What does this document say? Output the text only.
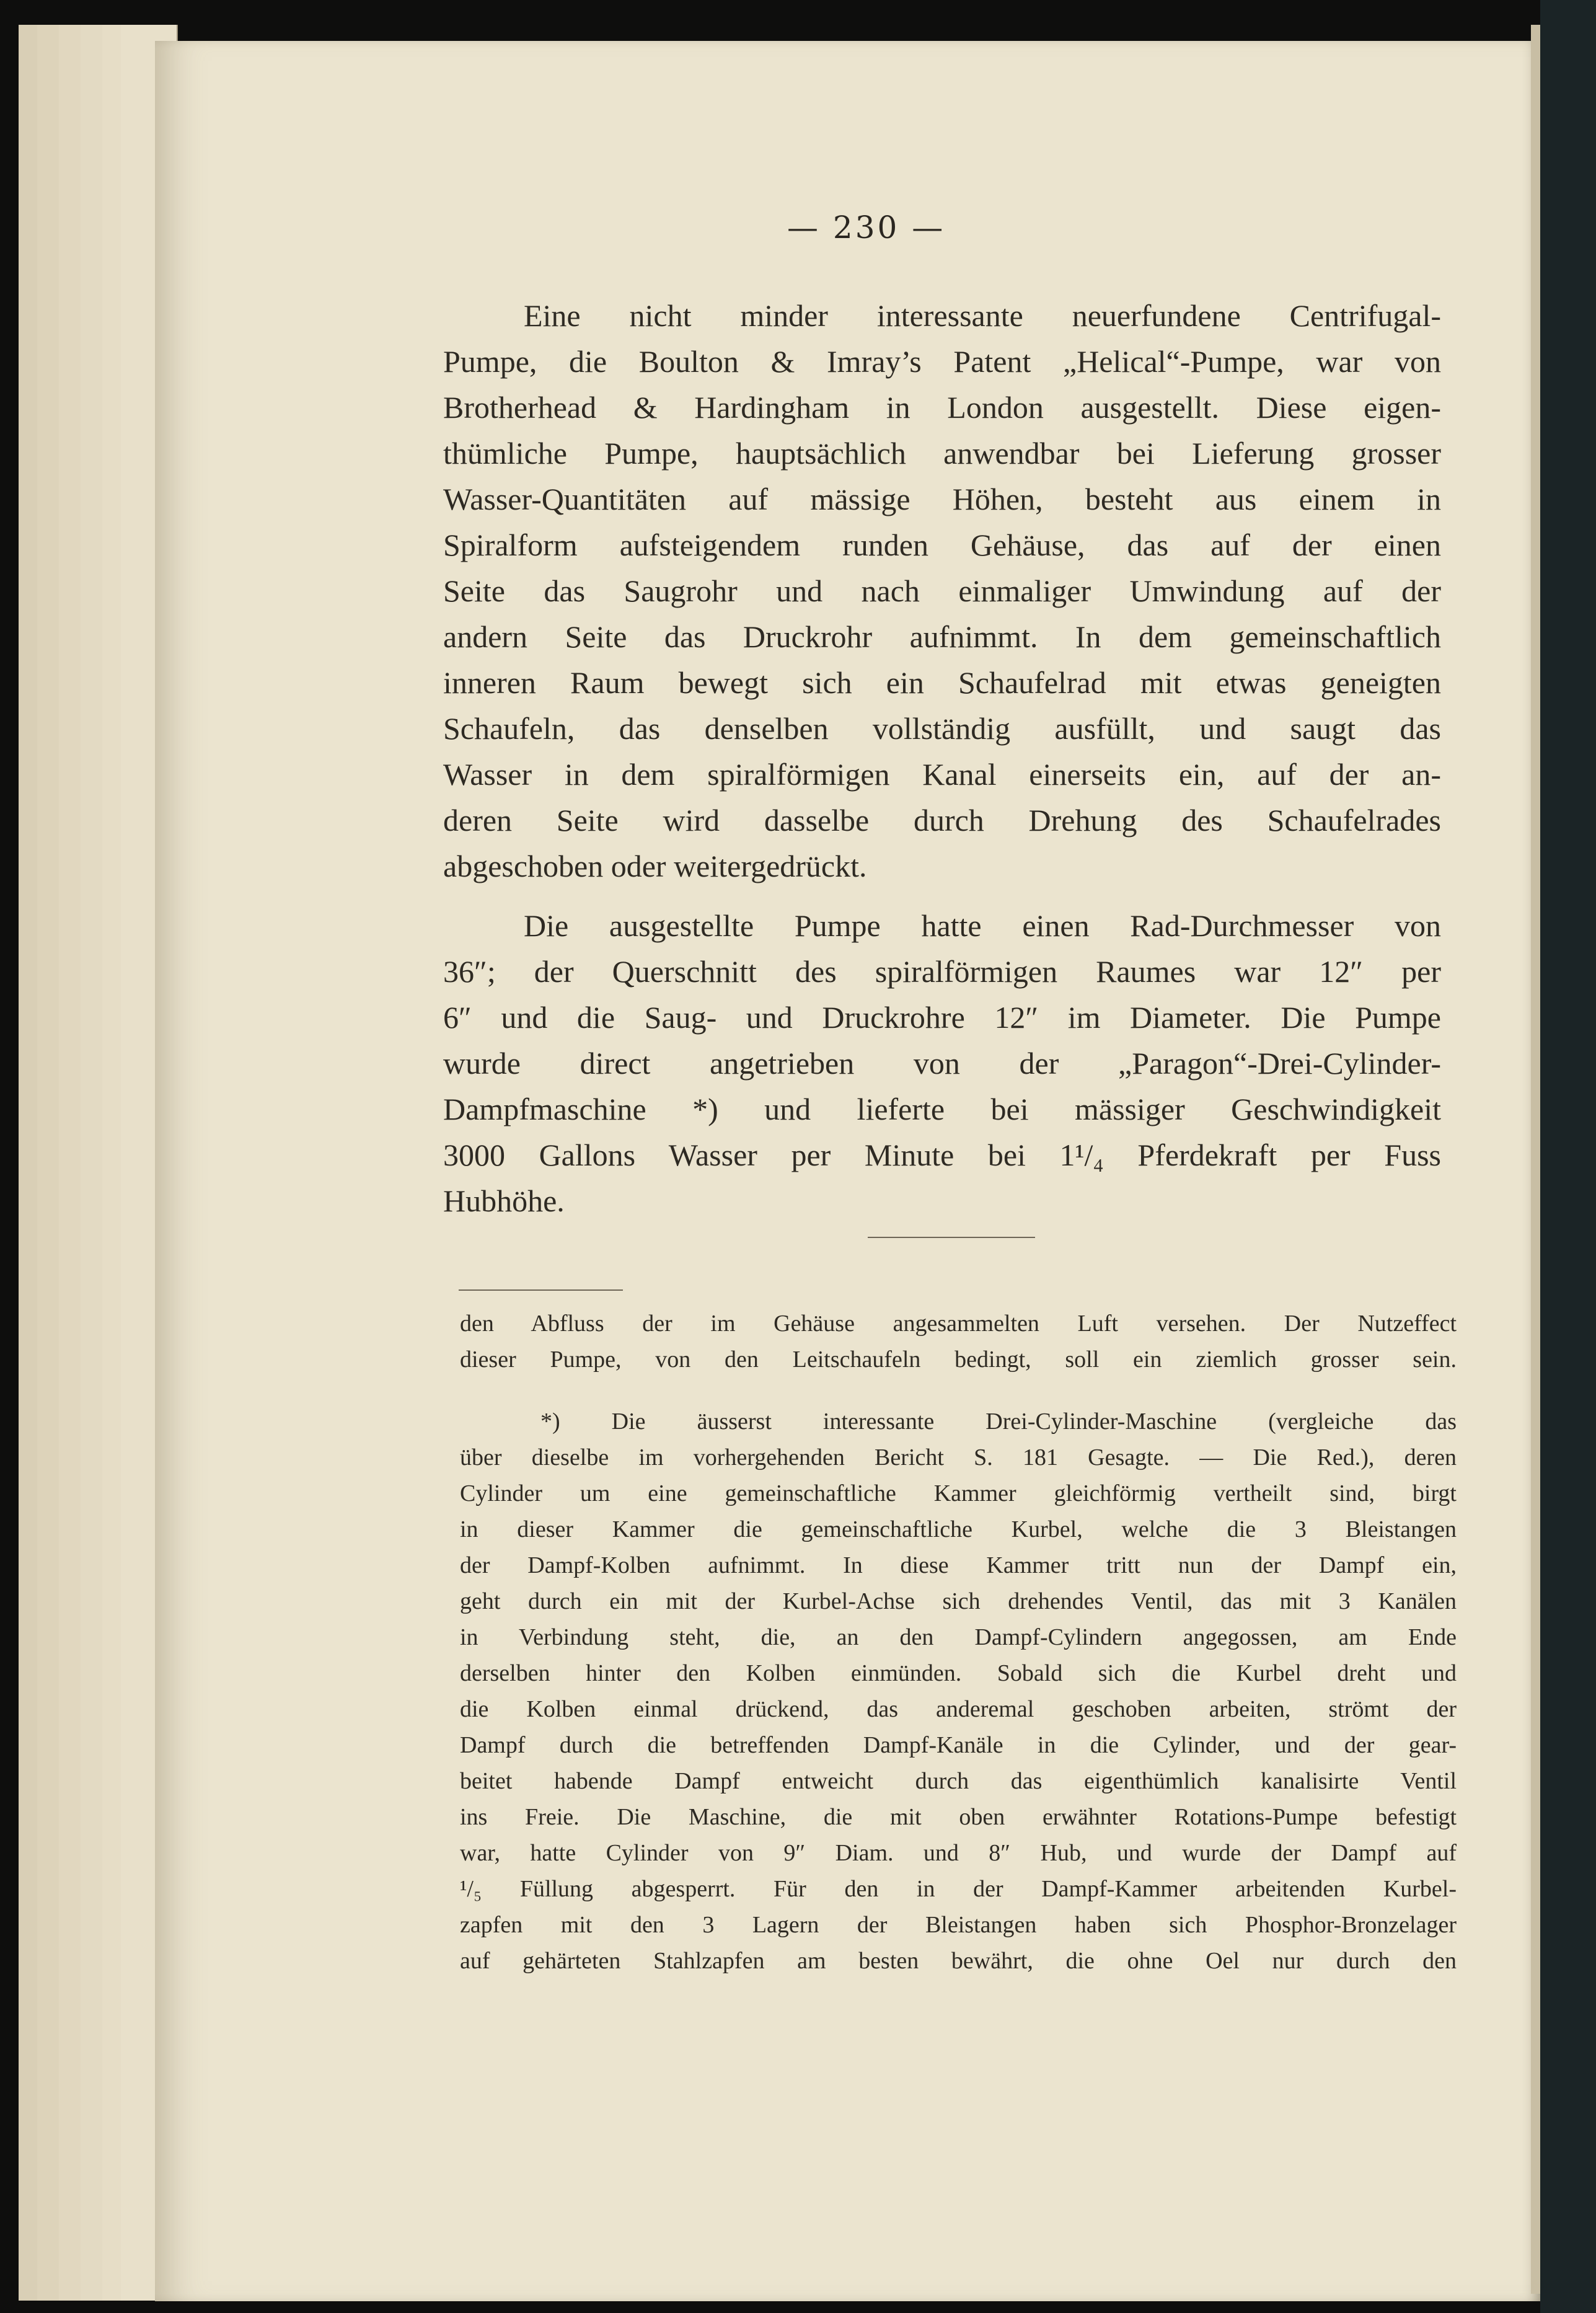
— 230 —
Eine nicht minder interessante neuerfundene Centrifugal-
Pumpe, die Boulton & Imray’s Patent „Helical“-Pumpe, war von
Brotherhead & Hardingham in London ausgestellt. Diese eigen-
thümliche Pumpe, hauptsächlich anwendbar bei Lieferung grosser
Wasser-Quantitäten auf mässige Höhen, besteht aus einem in
Spiralform aufsteigendem runden Gehäuse, das auf der einen
Seite das Saugrohr und nach einmaliger Umwindung auf der
andern Seite das Druckrohr aufnimmt. In dem gemeinschaftlich
inneren Raum bewegt sich ein Schaufelrad mit etwas geneigten
Schaufeln, das denselben vollständig ausfüllt, und saugt das
Wasser in dem spiralförmigen Kanal einerseits ein, auf der an-
deren Seite wird dasselbe durch Drehung des Schaufelrades
abgeschoben oder weitergedrückt.
Die ausgestellte Pumpe hatte einen Rad-Durchmesser von
36″; der Querschnitt des spiralförmigen Raumes war 12″ per
6″ und die Saug- und Druckrohre 12″ im Diameter. Die Pumpe
wurde direct angetrieben von der „Paragon“-Drei-Cylinder-
Dampfmaschine *) und lieferte bei mässiger Geschwindigkeit
3000 Gallons Wasser per Minute bei 1¹/₄ Pferdekraft per Fuss
Hubhöhe.
den Abfluss der im Gehäuse angesammelten Luft versehen. Der Nutzeffect
dieser Pumpe, von den Leitschaufeln bedingt, soll ein ziemlich grosser sein.
*) Die äusserst interessante Drei-Cylinder-Maschine (vergleiche das
über dieselbe im vorhergehenden Bericht S. 181 Gesagte. — Die Red.), deren
Cylinder um eine gemeinschaftliche Kammer gleichförmig vertheilt sind, birgt
in dieser Kammer die gemeinschaftliche Kurbel, welche die 3 Bleistangen
der Dampf-Kolben aufnimmt. In diese Kammer tritt nun der Dampf ein,
geht durch ein mit der Kurbel-Achse sich drehendes Ventil, das mit 3 Kanälen
in Verbindung steht, die, an den Dampf-Cylindern angegossen, am Ende
derselben hinter den Kolben einmünden. Sobald sich die Kurbel dreht und
die Kolben einmal drückend, das anderemal geschoben arbeiten, strömt der
Dampf durch die betreffenden Dampf-Kanäle in die Cylinder, und der gear-
beitet habende Dampf entweicht durch das eigenthümlich kanalisirte Ventil
ins Freie. Die Maschine, die mit oben erwähnter Rotations-Pumpe befestigt
war, hatte Cylinder von 9″ Diam. und 8″ Hub, und wurde der Dampf auf
¹/₅ Füllung abgesperrt. Für den in der Dampf-Kammer arbeitenden Kurbel-
zapfen mit den 3 Lagern der Bleistangen haben sich Phosphor-Bronzelager
auf gehärteten Stahlzapfen am besten bewährt, die ohne Oel nur durch den
